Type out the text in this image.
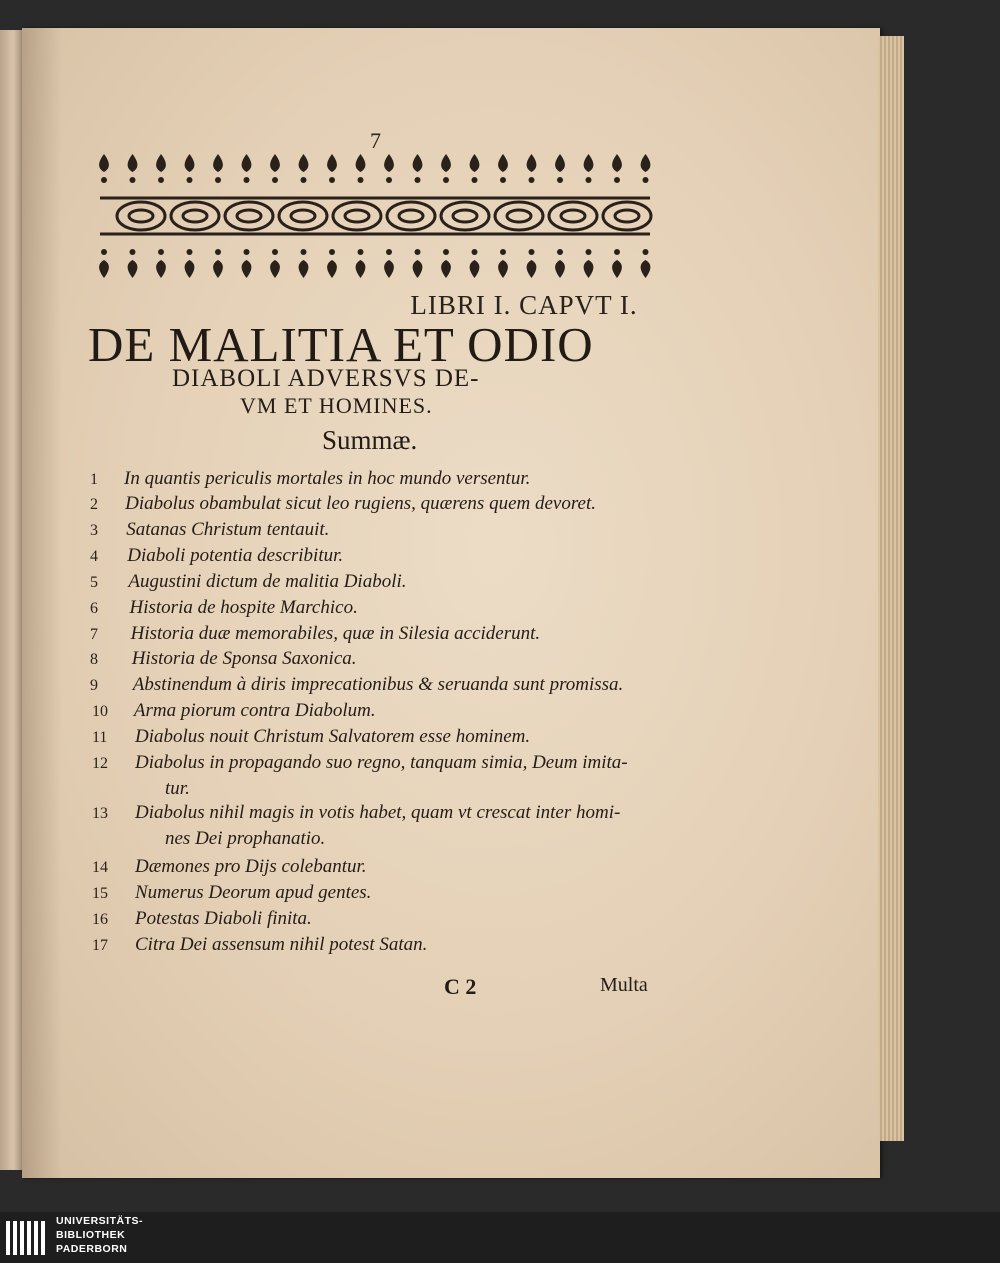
7
LIBRI I. CAPVT I.
DE MALITIA ET ODIO
DIABOLI ADVERSVS DE-
VM ET HOMINES.
Summæ.
1 In quantis periculis mortales in hoc mundo versentur.
2 Diabolus obambulat sicut leo rugiens, quærens quem devoret.
3 Satanas Christum tentauit.
4 Diaboli potentia describitur.
5 Augustini dictum de malitia Diaboli.
6 Historia de hospite Marchico.
7 Historia duæ memorabiles, quæ in Silesia acciderunt.
8 Historia de Sponsa Saxonica.
9 Abstinendum à diris imprecationibus & seruanda sunt promissa.
10 Arma piorum contra Diabolum.
11 Diabolus nouit Christum Salvatorem esse hominem.
12 Diabolus in propagando suo regno, tanquam simia, Deum imita-
tur.
13 Diabolus nihil magis in votis habet, quam vt crescat inter homi-
nes Dei prophanatio.
14 Dæmones pro Dijs colebantur.
15 Numerus Deorum apud gentes.
16 Potestas Diaboli finita.
17 Citra Dei assensum nihil potest Satan.
C 2	Multa
UNIVERSITÄTS-
BIBLIOTHEK
PADERBORN
